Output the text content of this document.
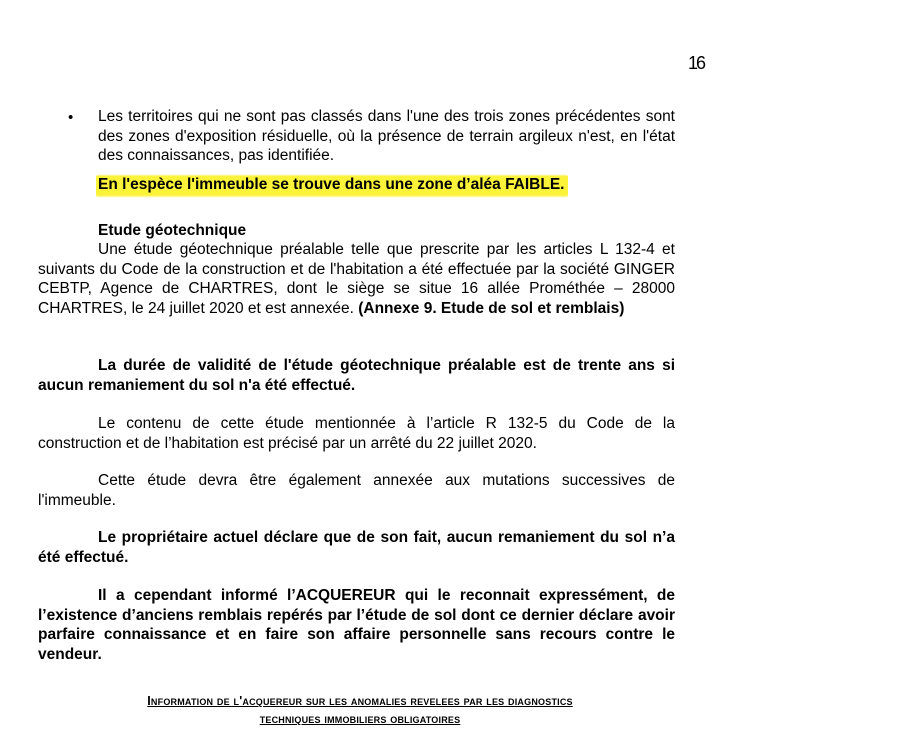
16
• Les territoires qui ne sont pas classés dans l'une des trois zones précédentes sont des zones d'exposition résiduelle, où la présence de terrain argileux n'est, en l'état des connaissances, pas identifiée.
En l'espèce l'immeuble se trouve dans une zone d’aléa FAIBLE.
Etude géotechnique
Une étude géotechnique préalable telle que prescrite par les articles L 132-4 et suivants du Code de la construction et de l'habitation a été effectuée par la société GINGER CEBTP, Agence de CHARTRES, dont le siège se situe 16 allée Prométhée – 28000 CHARTRES, le 24 juillet 2020 et est annexée. (Annexe 9. Etude de sol et remblais)
La durée de validité de l'étude géotechnique préalable est de trente ans si aucun remaniement du sol n'a été effectué.
Le contenu de cette étude mentionnée à l’article R 132-5 du Code de la construction et de l’habitation est précisé par un arrêté du 22 juillet 2020.
Cette étude devra être également annexée aux mutations successives de l'immeuble.
Le propriétaire actuel déclare que de son fait, aucun remaniement du sol n’a été effectué.
Il a cependant informé l’ACQUEREUR qui le reconnait expressément, de l’existence d’anciens remblais repérés par l’étude de sol dont ce dernier déclare avoir parfaire connaissance et en faire son affaire personnelle sans recours contre le vendeur.
Information de l'acquereur sur les anomalies revelees par les diagnostics
techniques immobiliers obligatoires
